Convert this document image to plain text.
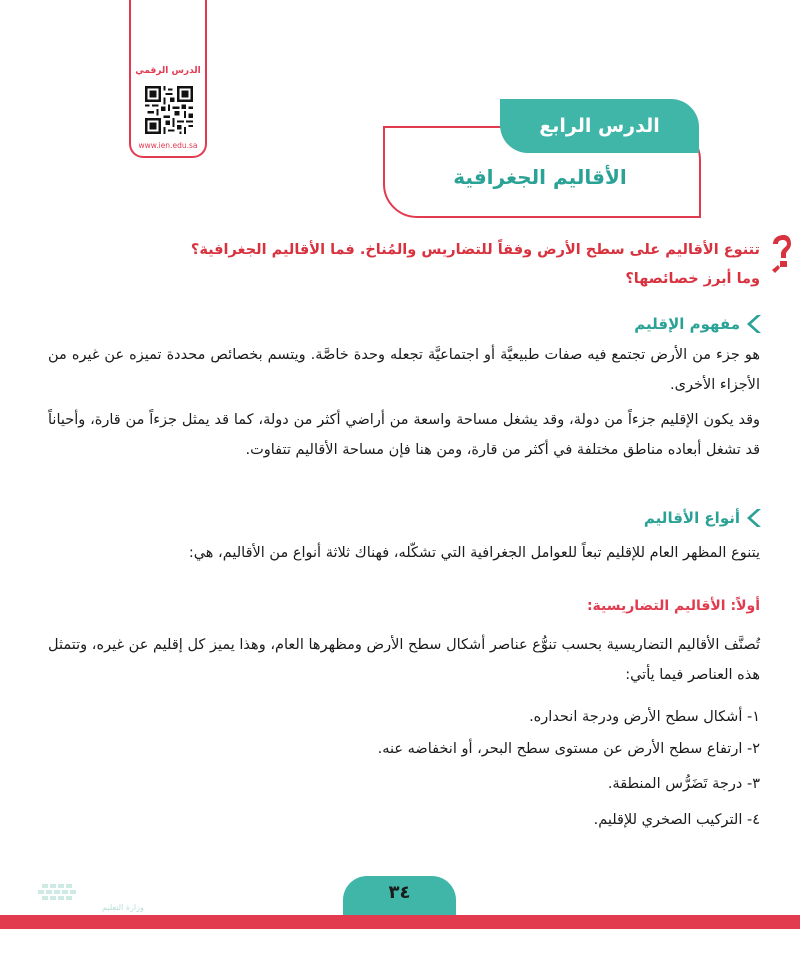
الدرس الرقمي
www.ien.edu.sa
الدرس الرابع
الأقاليم الجغرافية
تتنوع الأقاليم على سطح الأرض وفقاً للتضاريس والمُناخ. فما الأقاليم الجغرافية؟
وما أبرز خصائصها؟
مفهوم الإقليم
هو جزء من الأرض تجتمع فيه صفات طبيعيَّة أو اجتماعيَّة تجعله وحدة خاصَّة. ويتسم بخصائص محددة تميزه عن غيره من الأجزاء الأخرى.
وقد يكون الإقليم جزءاً من دولة، وقد يشغل مساحة واسعة من أراضي أكثر من دولة، كما قد يمثل جزءاً من قارة، وأحياناً قد تشغل أبعاده مناطق مختلفة في أكثر من قارة، ومن هنا فإن مساحة الأقاليم تتفاوت.
أنواع الأقاليم
يتنوع المظهر العام للإقليم تبعاً للعوامل الجغرافية التي تشكّله، فهناك ثلاثة أنواع من الأقاليم، هي:
أولاً: الأقاليم التضاريسية:
تُصنَّف الأقاليم التضاريسية بحسب تنوُّع عناصر أشكال سطح الأرض ومظهرها العام، وهذا يميز كل إقليم عن غيره، وتتمثل هذه العناصر فيما يأتي:
١- أشكال سطح الأرض ودرجة انحداره.
٢- ارتفاع سطح الأرض عن مستوى سطح البحر، أو انخفاضه عنه.
٣- درجة تَضَرُّس المنطقة.
٤- التركيب الصخري للإقليم.
٣٤
وزارة التعليم
